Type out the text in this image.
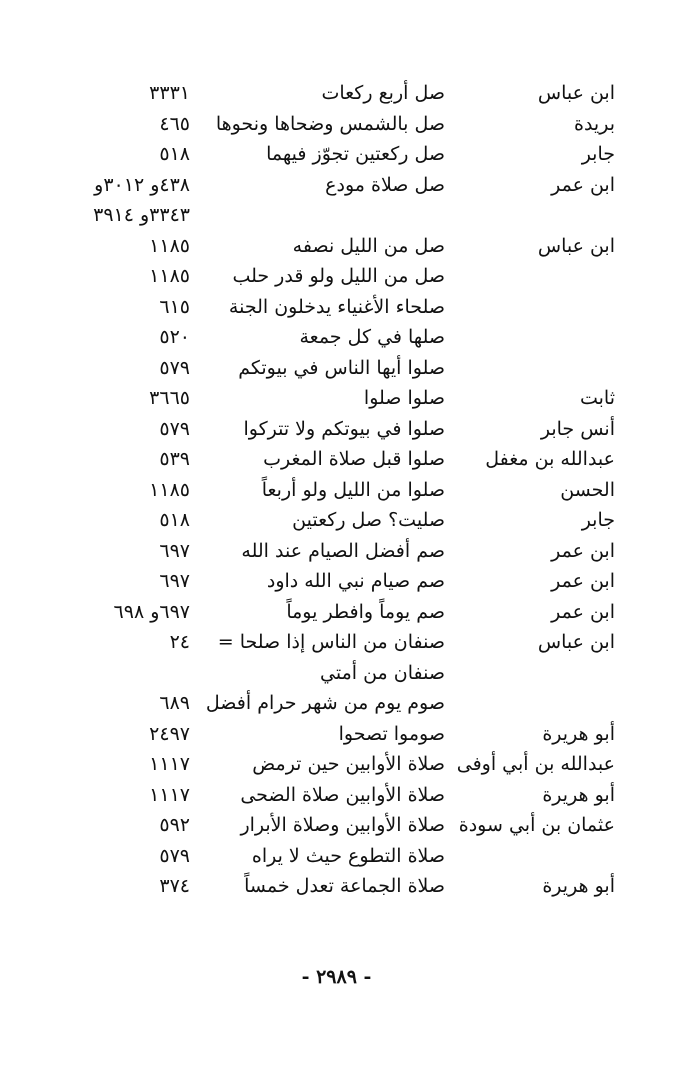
ابن عباس
صل أربع ركعات
٣٣٣١
بريدة
صل بالشمس وضحاها ونحوها
٤٦٥
جابر
صل ركعتين تجوّز فيهما
٥١٨
ابن عمر
صل صلاة مودع
٤٣٨و ٣٠١٢و
٣٣٤٣و ٣٩١٤
ابن عباس
صل من الليل نصفه
١١٨٥
صل من الليل ولو قدر حلب
١١٨٥
صلحاء الأغنياء يدخلون الجنة
٦١٥
صلها في كل جمعة
٥٢٠
صلوا أيها الناس في بيوتكم
٥٧٩
ثابت
صلوا صلوا
٣٦٦٥
أنس جابر
صلوا في بيوتكم ولا تتركوا
٥٧٩
عبدالله بن مغفل
صلوا قبل صلاة المغرب
٥٣٩
الحسن
صلوا من الليل ولو أربعاً
١١٨٥
جابر
صليت؟ صل ركعتين
٥١٨
ابن عمر
صم أفضل الصيام عند الله
٦٩٧
ابن عمر
صم صيام نبي الله داود
٦٩٧
ابن عمر
صم يوماً وافطر يوماً
٦٩٧و ٦٩٨
ابن عباس
صنفان من الناس إذا صلحا =
٢٤
صنفان من أمتي
صوم يوم من شهر حرام أفضل
٦٨٩
أبو هريرة
صوموا تصحوا
٢٤٩٧
عبدالله بن أبي أوفى
صلاة الأوابين حين ترمض
١١١٧
أبو هريرة
صلاة الأوابين صلاة الضحى
١١١٧
عثمان بن أبي سودة
صلاة الأوابين وصلاة الأبرار
٥٩٢
صلاة التطوع حيث لا يراه
٥٧٩
أبو هريرة
صلاة الجماعة تعدل خمساً
٣٧٤
- ٢٩٨٩ -
